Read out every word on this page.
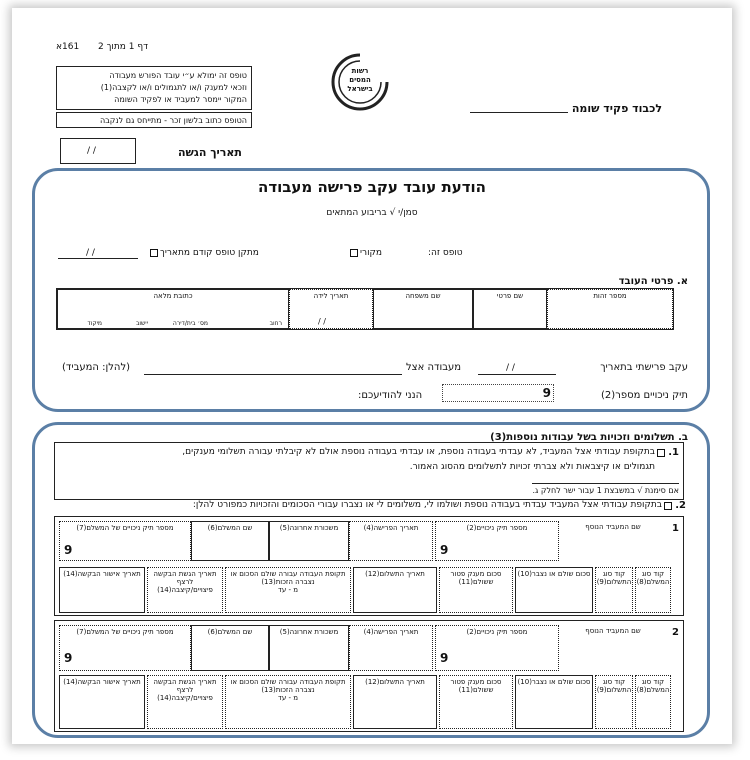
161א דף 1 מתוך 2
טופס זה ימולא ע״י עובד הפורש מעבודה
וזכאי למענק ו/או לתגמולים ו/או לקצבה(1)
המקור יימסר למעביד או לפקיד השומה
הטופס כתוב בלשון זכר - מתייחס גם לנקבה
רשות המסים בישראל
לכבוד פקיד שומה
/ /	תאריך הגשה
הודעת עובד עקב פרישה מעבודה
סמן/י √ בריבוע המתאים
טופס זה:
מקורי
מתקן טופס קודם מתאריך
/ /
א. פרטי העובד
מספר זהות
שם פרטי
שם משפחה
תאריך לידה
/ /
כתובת מלאה
רחוב
מס׳ בית/דירה
יישוב
מיקוד
עקב פרישתי בתאריך
/ /
מעבודה אצל
(להלן: המעביד)
תיק ניכויים מספר(2)
9
הנני להודיעכם:
ב. תשלומים וזכויות בשל עבודות נוספות(3)
1.
בתקופת עבודתי אצל המעביד, לא עבדתי בעבודה נוספת, או עבדתי בעבודה נוספת אולם לא קיבלתי עבורה תשלומי מענקים,
תגמולים או קיצבאות ולא צברתי זכויות לתשלומים מהסוג האמור.
אם סימנת √ במשבצת 1 עבור ישר לחלק ג.
2.
בתקופת עבודתי אצל המעביד עבדתי בעבודה נוספת ושולמו לי, משלומים לי או נצברו עבורי הסכומים והזכויות כמפורט להלן:
1
שם המעביד הנוסף
מספר תיק ניכויים(2)
9
תאריך הפרישה(4)
משכורת אחרונה(5)
שם המשלם(6)
מספר תיק ניכויים של המשלם(7)
9
קוד סוג המשלם(8)
קוד סוג התשלום(9)
סכום שולם או נצבר(10)
סכום מענק פטור ששולם(11)
תאריך התשלום(12)
תקופת העבודה עבורה שולם הסכום או נצברה הזכות(13)
מ - עד
תאריך הגשת הבקשה לרצף פיצויים/קיצבה(14)
תאריך אישור הבקשה(14)
2
שם המעביד הנוסף
מספר תיק ניכויים(2)
9
תאריך הפרישה(4)
משכורת אחרונה(5)
שם המשלם(6)
מספר תיק ניכויים של המשלם(7)
9
קוד סוג המשלם(8)
קוד סוג התשלום(9)
סכום שולם או נצבר(10)
סכום מענק פטור ששולם(11)
תאריך התשלום(12)
תקופת העבודה עבורה שולם הסכום או נצברה הזכות(13)
מ - עד
תאריך הגשת הבקשה לרצף פיצויים/קיצבה(14)
תאריך אישור הבקשה(14)
